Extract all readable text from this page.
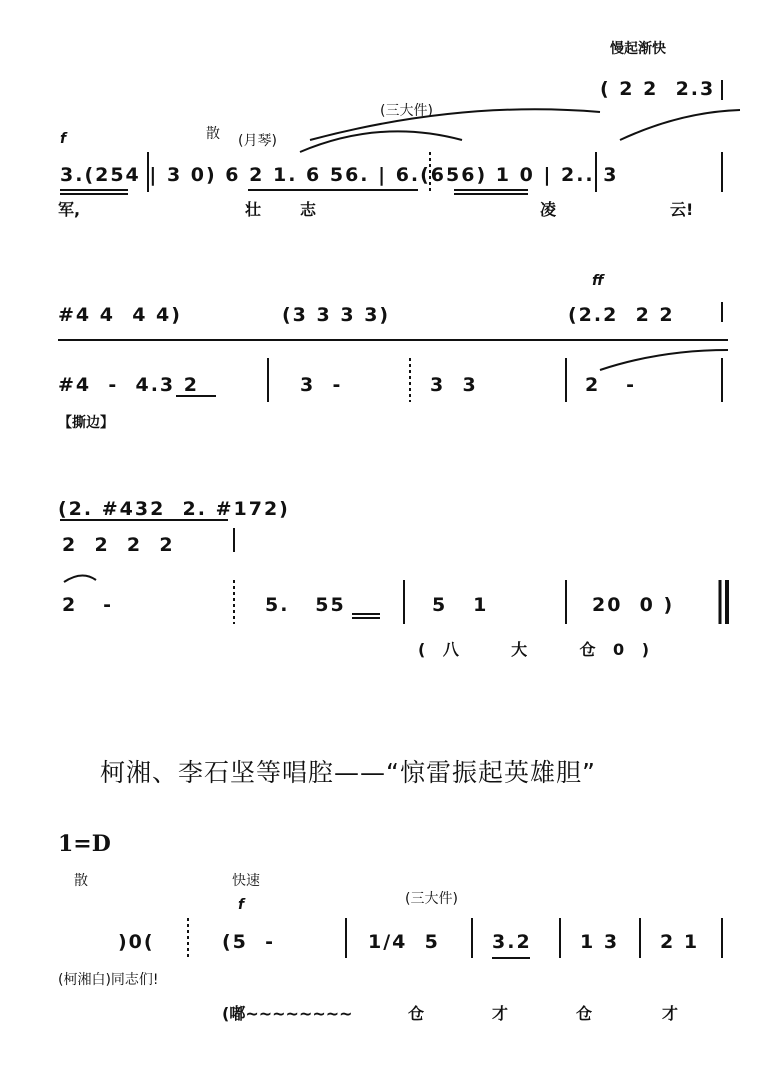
慢起渐快
( 2 2  2.3
(三大件)
f	散 (月琴)
3.(254 | 3 0) 6 2 1. 6 56. | 6.(656) 1 0 | 2.. 3
军,	壮 志	凌	云!
ff
#4 4  4 4)	(3 3 3 3)	(2.2  2 2
#4  -  4.3 2	3  -	3  3	2   -
【撕边】
(2. #432  2. #172)
2  2  2  2
2   -	5.   55	5   1	20  0 )
( 八    大    仓 0 )
柯湘、李石坚等唱腔——“惊雷振起英雄胆”
1=D
散	快速
(三大件)
f
)0(	(5  -	1/4  5	3.2	1 3 2 1
(柯湘白)同志们!
(嘟~~~~~~~~	仓	才	仓	才
